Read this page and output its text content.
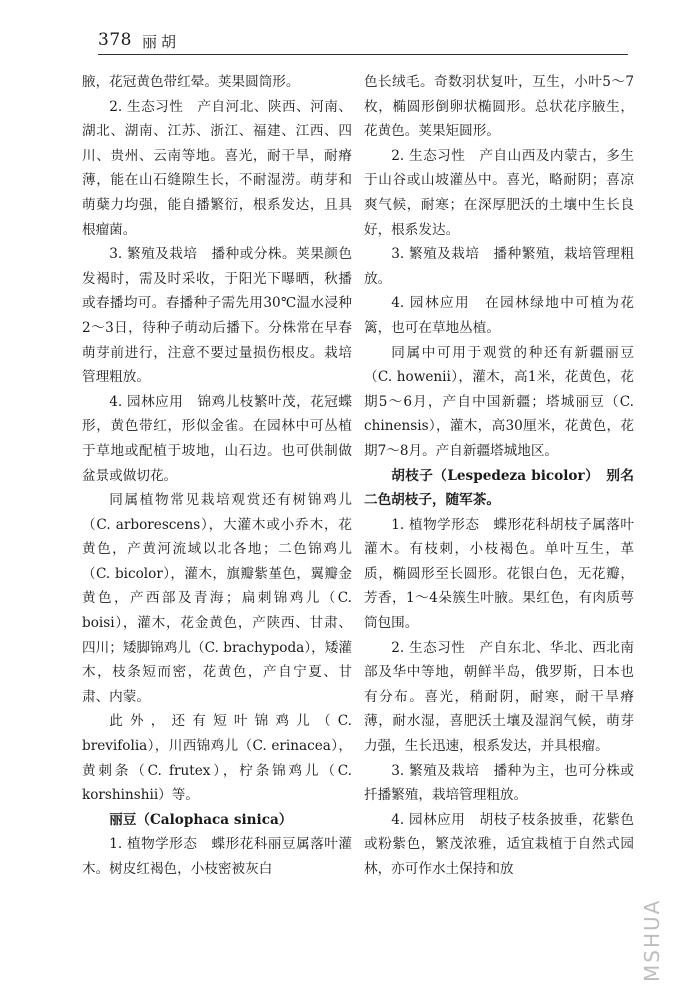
378 丽胡

腋，花冠黄色带红晕。荚果圆筒形。

2. 生态习性　产自河北、陕西、河南、湖北、湖南、江苏、浙江、福建、江西、四川、贵州、云南等地。喜光，耐干旱，耐瘠薄，能在山石缝隙生长，不耐湿涝。萌芽和萌蘖力均强，能自播繁衍，根系发达，且具根瘤菌。

3. 繁殖及栽培　播种或分株。荚果颜色发褐时，需及时采收，于阳光下曝晒，秋播或春播均可。春播种子需先用30℃温水浸种2～3日，待种子萌动后播下。分株常在早春萌芽前进行，注意不要过量损伤根皮。栽培管理粗放。

4. 园林应用　锦鸡儿枝繁叶茂，花冠蝶形，黄色带红，形似金雀。在园林中可丛植于草地或配植于坡地，山石边。也可供制做盆景或做切花。

同属植物常见栽培观赏还有树锦鸡儿（C. arborescens），大灌木或小乔木，花黄色，产黄河流域以北各地；二色锦鸡儿（C. bicolor），灌木，旗瓣紫堇色，翼瓣金黄色，产西部及青海；扁刺锦鸡儿（C. boisi），灌木，花金黄色，产陕西、甘肃、四川；矮脚锦鸡儿（C. brachypoda），矮灌木，枝条短而密，花黄色，产自宁夏、甘肃、内蒙。

此外，还有短叶锦鸡儿（C. brevifolia），川西锦鸡儿（C. erinacea），黄刺条（C. frutex），柠条锦鸡儿（C. korshinshii）等。

丽豆（Calophaca sinica）

1. 植物学形态　蝶形花科丽豆属落叶灌木。树皮红褐色，小枝密被灰白

色长绒毛。奇数羽状复叶，互生，小叶5～7枚，椭圆形倒卵状椭圆形。总状花序腋生，花黄色。荚果矩圆形。

2. 生态习性　产自山西及内蒙古，多生于山谷或山坡灌丛中。喜光，略耐阴；喜凉爽气候，耐寒；在深厚肥沃的土壤中生长良好，根系发达。

3. 繁殖及栽培　播种繁殖，栽培管理粗放。

4. 园林应用　在园林绿地中可植为花篱，也可在草地丛植。

同属中可用于观赏的种还有新疆丽豆（C. howenii），灌木，高1米，花黄色，花期5～6月，产自中国新疆；塔城丽豆（C. chinensis），灌木，高30厘米，花黄色，花期7～8月。产自新疆塔城地区。

胡枝子（Lespedeza bicolor）　别名二色胡枝子，随军茶。

1. 植物学形态　蝶形花科胡枝子属落叶灌木。有枝刺，小枝褐色。单叶互生，革质，椭圆形至长圆形。花银白色，无花瓣，芳香，1～4朵簇生叶腋。果红色，有肉质萼筒包围。

2. 生态习性　产自东北、华北、西北南部及华中等地，朝鲜半岛，俄罗斯，日本也有分布。喜光，稍耐阴，耐寒，耐干旱瘠薄，耐水湿，喜肥沃土壤及湿润气候，萌芽力强，生长迅速，根系发达，并具根瘤。

3. 繁殖及栽培　播种为主，也可分株或扦播繁殖，栽培管理粗放。

4. 园林应用　胡枝子枝条披垂，花紫色或粉紫色，繁茂浓雅，适宜栽植于自然式园林，亦可作水土保持和放

MSHUA
